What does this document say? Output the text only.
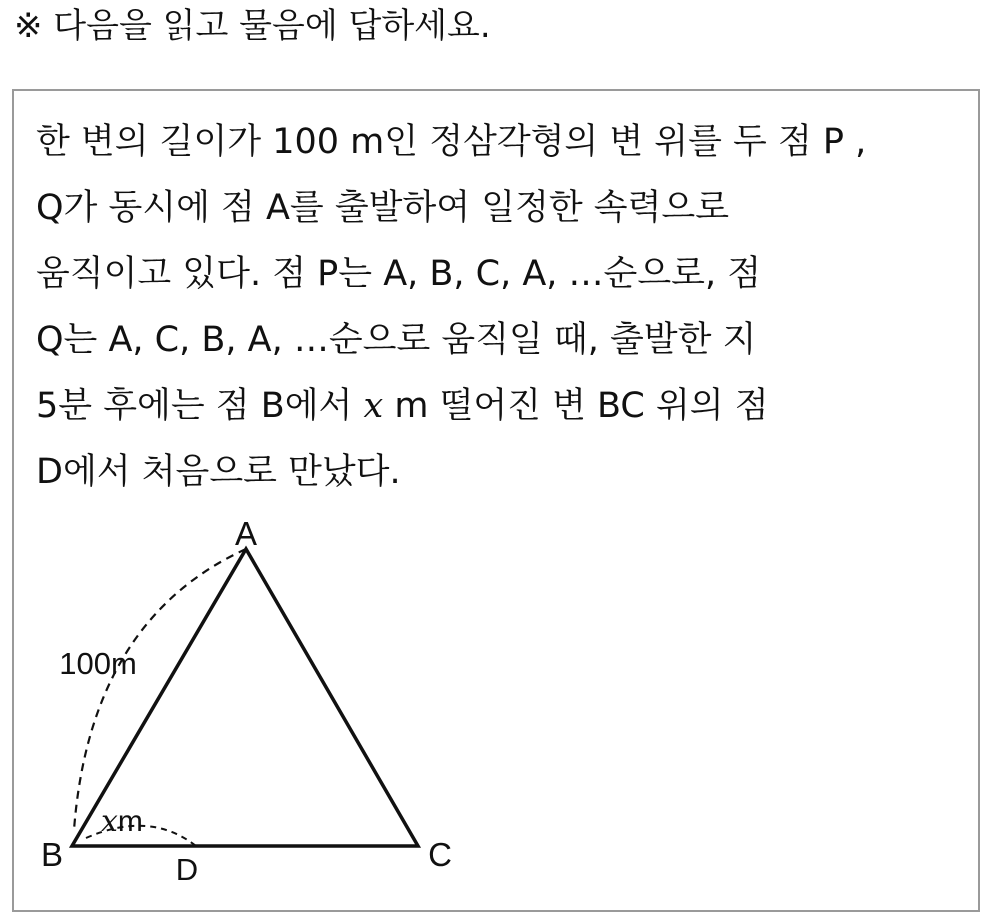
※ 다음을 읽고 물음에 답하세요.
한 변의 길이가 100 m인 정삼각형의 변 위를 두 점 P ,
Q가 동시에 점 A를 출발하여 일정한 속력으로
움직이고 있다. 점 P는 A, B, C, A, …순으로, 점
Q는 A, C, B, A, …순으로 움직일 때, 출발한 지
5분 후에는 점 B에서 x m 떨어진 변 BC 위의 점
D에서 처음으로 만났다.
A
B	C
D
100m
xm
